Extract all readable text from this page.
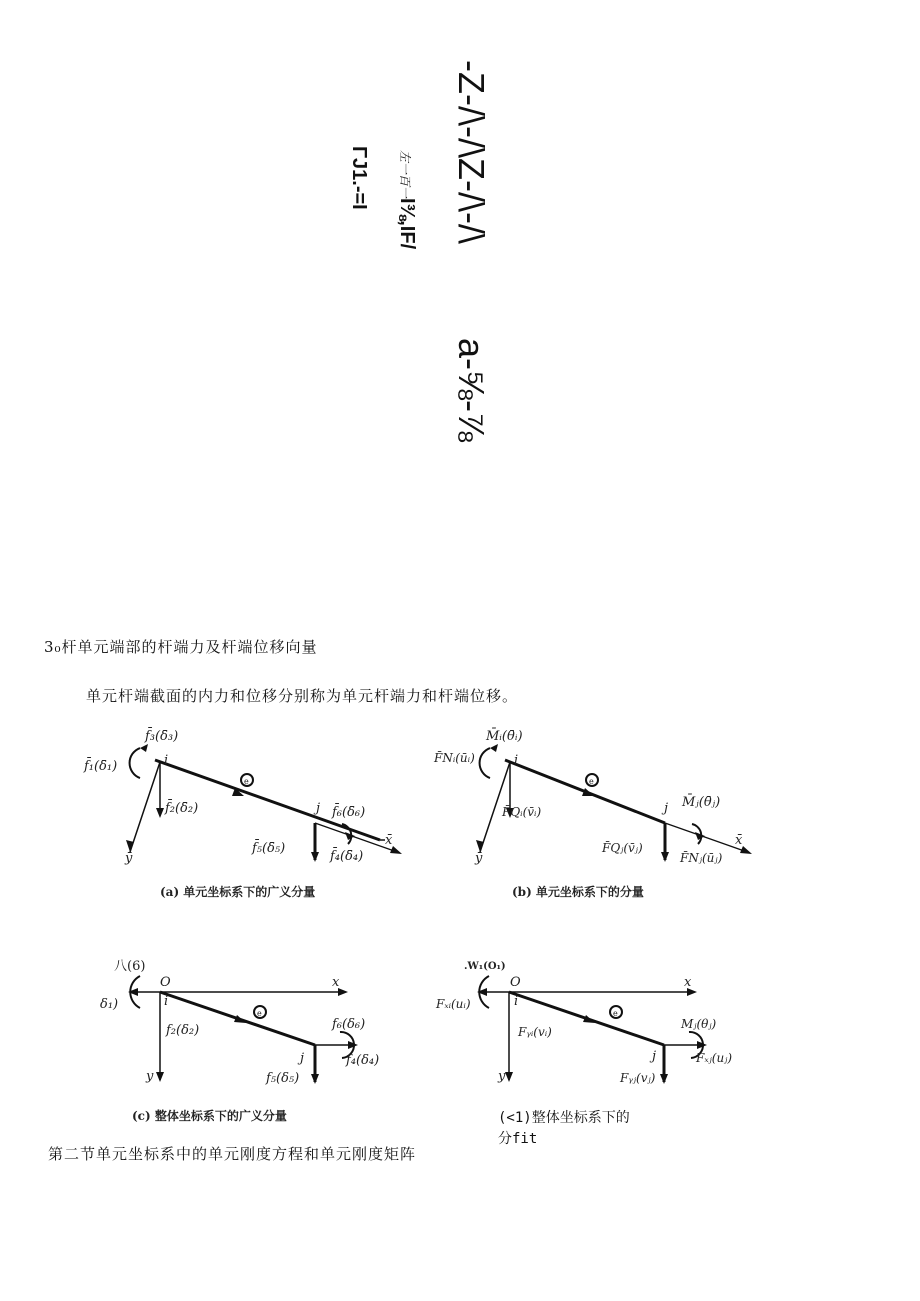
-Z-/\-/\Z-/\-/\
a-⅝-⅞
左一百一I⅜,IF/
ΓJ1.-=I
3₀杆单元端部的杆端力及杆端位移向量
单元杆端截面的内力和位移分别称为单元杆端力和杆端位移。
e
f̄₃(δ̄₃)
f̄₁(δ̄₁)	i
f̄₂(δ̄₂)
ȳ
j f̄₆(δ̄₆)
f̄₅(δ̄₅)
f̄₄(δ̄₄)
x̄
(a) 单元坐标系下的广义分量
e
M̄ᵢ(θ̄ᵢ)
F̄Nᵢ(ūᵢ)	i
F̄Qᵢ(v̄ᵢ)
ȳ
j M̄ⱼ(θ̄ⱼ)
F̄Qⱼ(v̄ⱼ)
F̄Nⱼ(ūⱼ)
x̄
(b) 单元坐标系下的分量
e
八(6)
δ₁)
O
i
f₂(δ₂)
y
j
f₆(δ₆)
f₅(δ₅)
f₄(δ₄)
x
(c) 整体坐标系下的广义分量
e
.W₁(O₁)
Fₓᵢ(uᵢ)
O
i
Fᵧᵢ(vᵢ)
y
j
Mⱼ(θⱼ)
Fᵧⱼ(vⱼ)
Fₓⱼ(uⱼ)
x
(<1)整体坐标系下的
分fit
第二节单元坐标系中的单元刚度方程和单元刚度矩阵
